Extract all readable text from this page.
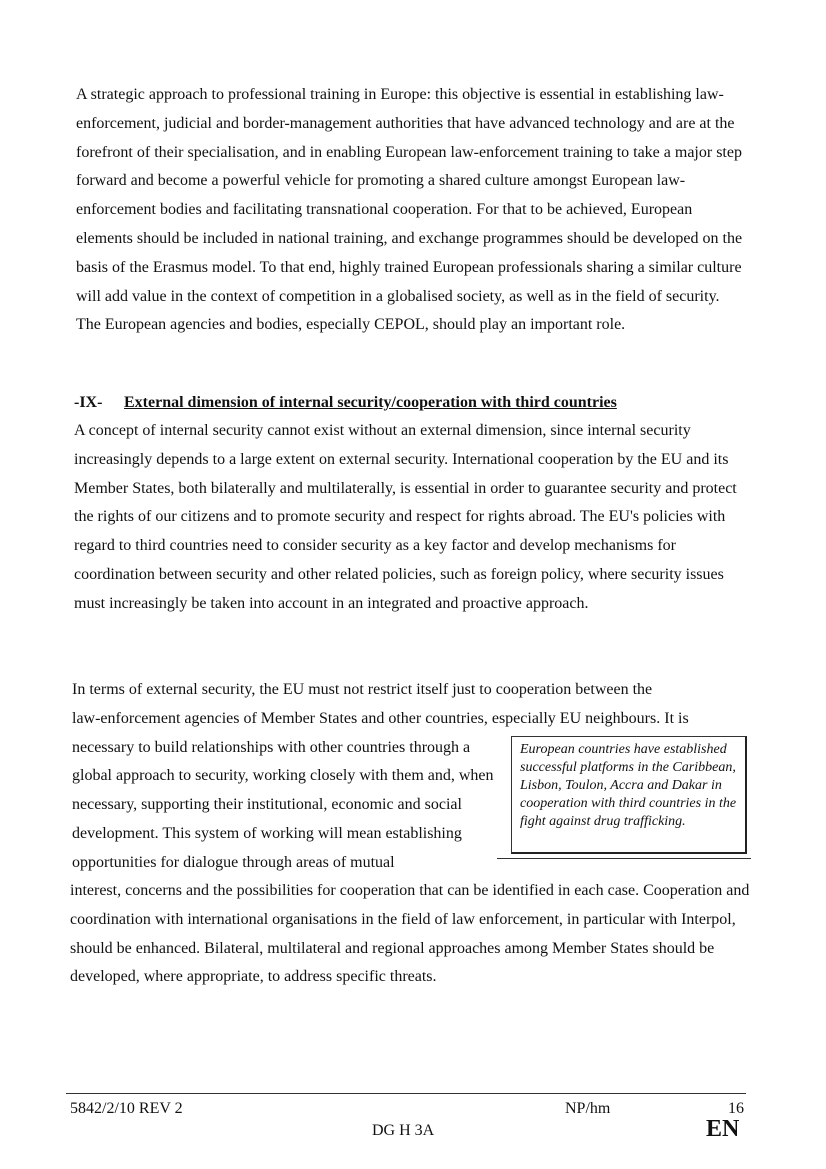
A strategic approach to professional training in Europe: this objective is essential in establishing law-enforcement, judicial and border-management authorities that have advanced technology and are at the forefront of their specialisation, and in enabling European law-enforcement training to take a major step forward and become a powerful vehicle for promoting a shared culture amongst European law-enforcement bodies and facilitating transnational cooperation. For that to be achieved, European elements should be included in national training, and exchange programmes should be developed on the basis of the Erasmus model. To that end, highly trained European professionals sharing a similar culture will add value in the context of competition in a globalised society, as well as in the field of security. The European agencies and bodies, especially CEPOL, should play an important role.

-IX- External dimension of internal security/cooperation with third countries

A concept of internal security cannot exist without an external dimension, since internal security increasingly depends to a large extent on external security. International cooperation by the EU and its Member States, both bilaterally and multilaterally, is essential in order to guarantee security and protect the rights of our citizens and to promote security and respect for rights abroad. The EU's policies with regard to third countries need to consider security as a key factor and develop mechanisms for coordination between security and other related policies, such as foreign policy, where security issues must increasingly be taken into account in an integrated and proactive approach.

In terms of external security, the EU must not restrict itself just to cooperation between the
law-enforcement agencies of Member States and other countries, especially EU neighbours. It is
necessary to build relationships with other countries through a global approach to security, working closely with them and, when necessary, supporting their institutional, economic and social development. This system of working will mean establishing opportunities for dialogue through areas of mutual
European countries have established successful platforms in the Caribbean, Lisbon, Toulon, Accra and Dakar in cooperation with third countries in the fight against drug trafficking.

interest, concerns and the possibilities for cooperation that can be identified in each case. Cooperation and coordination with international organisations in the field of law enforcement, in particular with Interpol, should be enhanced. Bilateral, multilateral and regional approaches among Member States should be developed, where appropriate, to address specific threats.

5842/2/10 REV 2	NP/hm	16
DG H 3A	EN
